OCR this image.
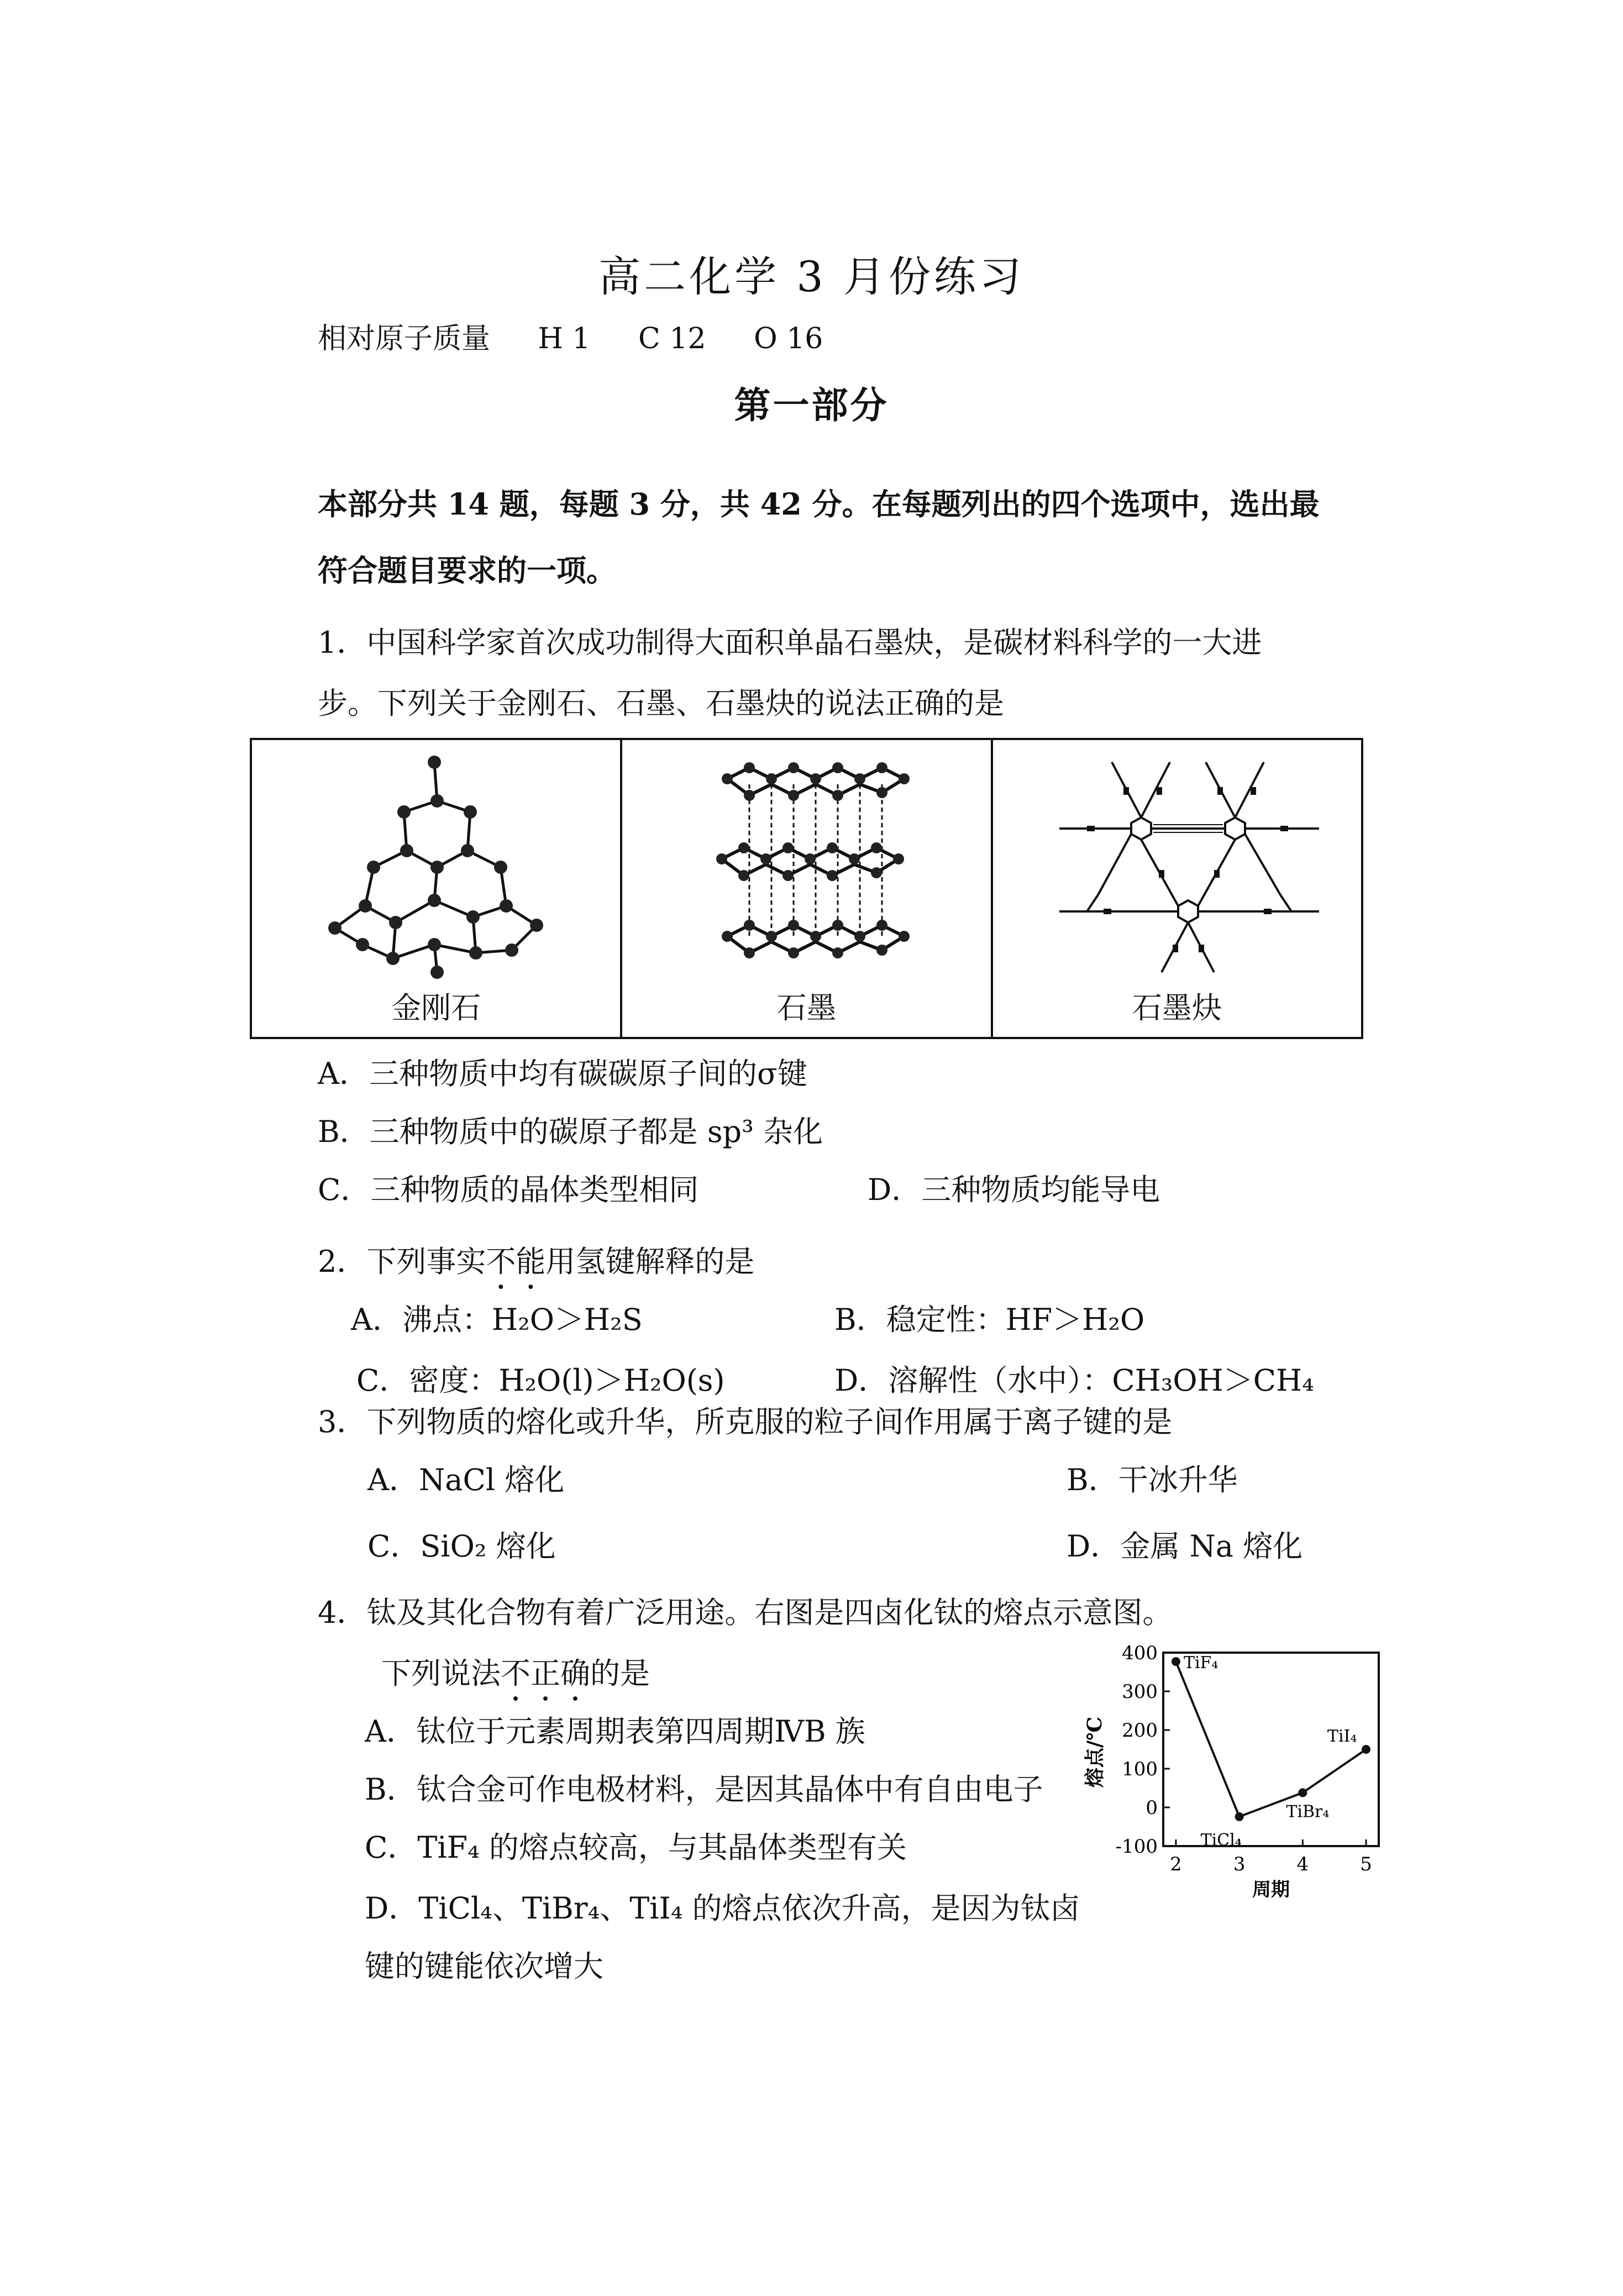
高二化学 3 月份练习
相对原子质量 H 1 C 12 O 16
第一部分
本部分共 14 题，每题 3 分，共 42 分。在每题列出的四个选项中，选出最
符合题目要求的一项。
1．中国科学家首次成功制得大面积单晶石墨炔，是碳材料科学的一大进
步。下列关于金刚石、石墨、石墨炔的说法正确的是
金刚石	石墨	石墨炔
A．三种物质中均有碳碳原子间的σ键
B．三种物质中的碳原子都是 sp³ 杂化
C．三种物质的晶体类型相同	D．三种物质均能导电
2．下列事实不能用氢键解释的是
A．沸点：H₂O＞H₂S	B．稳定性：HF＞H₂O
C．密度：H₂O(l)＞H₂O(s)	D．溶解性（水中）：CH₃OH＞CH₄
3．下列物质的熔化或升华，所克服的粒子间作用属于离子键的是
A．NaCl 熔化	B．干冰升华
C．SiO₂ 熔化	D．金属 Na 熔化
4．钛及其化合物有着广泛用途。右图是四卤化钛的熔点示意图。
下列说法不正确的是
A．钛位于元素周期表第四周期ⅣB 族
B．钛合金可作电极材料，是因其晶体中有自由电子
C．TiF₄ 的熔点较高，与其晶体类型有关
D．TiCl₄、TiBr₄、TiI₄ 的熔点依次升高，是因为钛卤
键的键能依次增大
-100
0
100
200
300
400
2	3	4	5
TiF₄
TiCl₄
TiBr₄
TiI₄
熔点/℃
周期
